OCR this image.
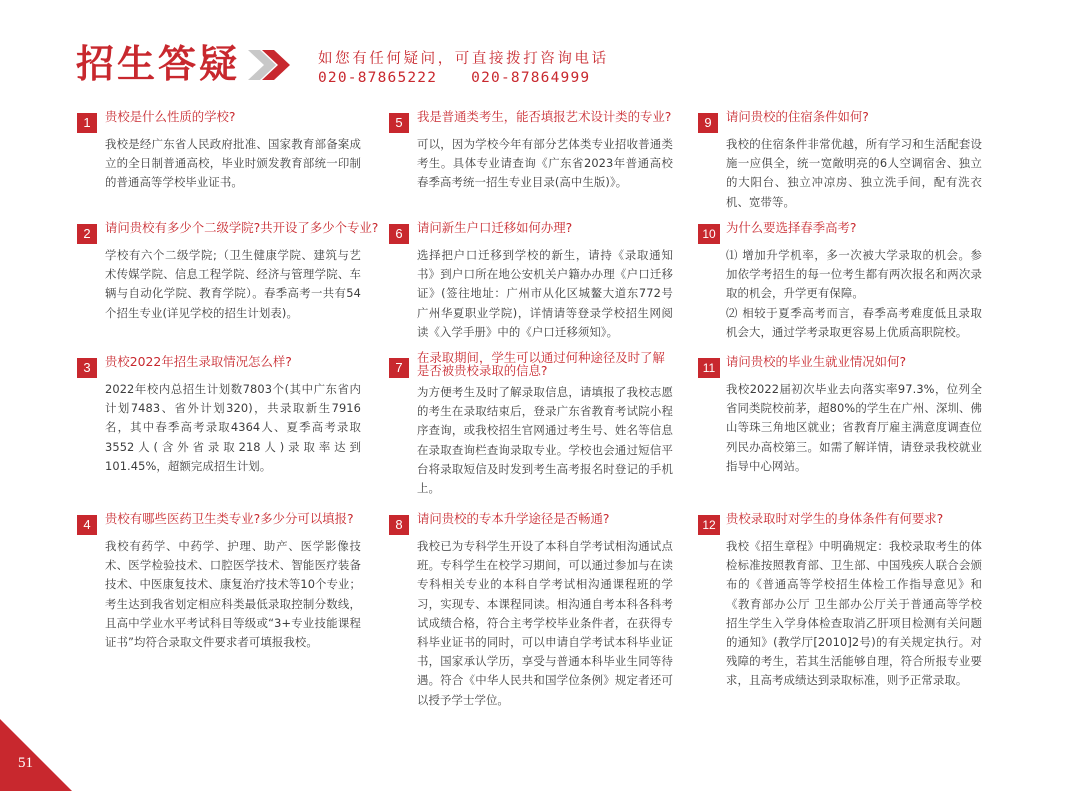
招生答疑	如您有任何疑问，可直接拨打咨询电话
020-87865222 020-87864999
1	贵校是什么性质的学校?

我校是经广东省人民政府批准、国家教育部备案成立的全日制普通高校，毕业时颁发教育部统一印制的普通高等学校毕业证书。

2	请问贵校有多少个二级学院?共开设了多少个专业?

学校有六个二级学院;（卫生健康学院、建筑与艺术传媒学院、信息工程学院、经济与管理学院、车辆与自动化学院、教育学院）。春季高考一共有54个招生专业(详见学校的招生计划表)。

3	贵校2022年招生录取情况怎么样?

2022年校内总招生计划数7803个(其中广东省内计划7483、省外计划320)，共录取新生7916名，其中春季高考录取4364人、夏季高考录取3552人(含外省录取218人)录取率达到101.45%，超额完成招生计划。

4	贵校有哪些医药卫生类专业?多少分可以填报?

我校有药学、中药学、护理、助产、医学影像技术、医学检验技术、口腔医学技术、智能医疗装备技术、中医康复技术、康复治疗技术等10个专业；考生达到我省划定相应科类最低录取控制分数线，且高中学业水平考试科目等级或“3+专业技能课程证书”均符合录取文件要求者可填报我校。

5	我是普通类考生，能否填报艺术设计类的专业?

可以，因为学校今年有部分艺体类专业招收普通类考生。具体专业请查询《广东省2023年普通高校春季高考统一招生专业目录(高中生版)》。

6	请问新生户口迁移如何办理?

选择把户口迁移到学校的新生，请持《录取通知书》到户口所在地公安机关户籍办办理《户口迁移证》(签往地址：广州市从化区城鳌大道东772号广州华夏职业学院)，详情请等登录学校招生网阅读《入学手册》中的《户口迁移须知》。

7
在录取期间，学生可以通过何种途径及时了解是否被贵校录取的信息?

为方便考生及时了解录取信息，请填报了我校志愿的考生在录取结束后，登录广东省教育考试院小程序查询，或我校招生官网通过考生号、姓名等信息在录取查询栏查询录取专业。学校也会通过短信平台将录取短信及时发到考生高考报名时登记的手机上。

8	请问贵校的专本升学途径是否畅通?

我校已为专科学生开设了本科自学考试相沟通试点班。专科学生在校学习期间，可以通过参加与在读专科相关专业的本科自学考试相沟通课程班的学习，实现专、本课程同读。相沟通自考本科各科考试成绩合格，符合主考学校毕业条件者，在获得专科毕业证书的同时，可以申请自学考试本科毕业证书，国家承认学历，享受与普通本科毕业生同等待遇。符合《中华人民共和国学位条例》规定者还可以授予学士学位。

9	请问贵校的住宿条件如何?

我校的住宿条件非常优越，所有学习和生活配套设施一应俱全，统一宽敞明亮的6人空调宿舍、独立的大阳台、独立冲凉房、独立洗手间，配有洗衣机、宽带等。

10 为什么要选择春季高考?

⑴ 增加升学机率，多一次被大学录取的机会。参加依学考招生的每一位考生都有两次报名和两次录取的机会，升学更有保障。

⑵ 相较于夏季高考而言，春季高考难度低且录取机会大，通过学考录取更容易上优质高职院校。

11 请问贵校的毕业生就业情况如何?

我校2022届初次毕业去向落实率97.3%，位列全省同类院校前茅，超80%的学生在广州、深圳、佛山等珠三角地区就业；省教育厅雇主满意度调查位列民办高校第三。如需了解详情，请登录我校就业指导中心网站。

12 贵校录取时对学生的身体条件有何要求?

我校《招生章程》中明确规定：我校录取考生的体检标准按照教育部、卫生部、中国残疾人联合会颁布的《普通高等学校招生体检工作指导意见》和《教育部办公厅 卫生部办公厅关于普通高等学校招生学生入学身体检查取消乙肝项目检测有关问题的通知》(教学厅[2010]2号)的有关规定执行。对残障的考生，若其生活能够自理，符合所报专业要求，且高考成绩达到录取标准，则予正常录取。

51
